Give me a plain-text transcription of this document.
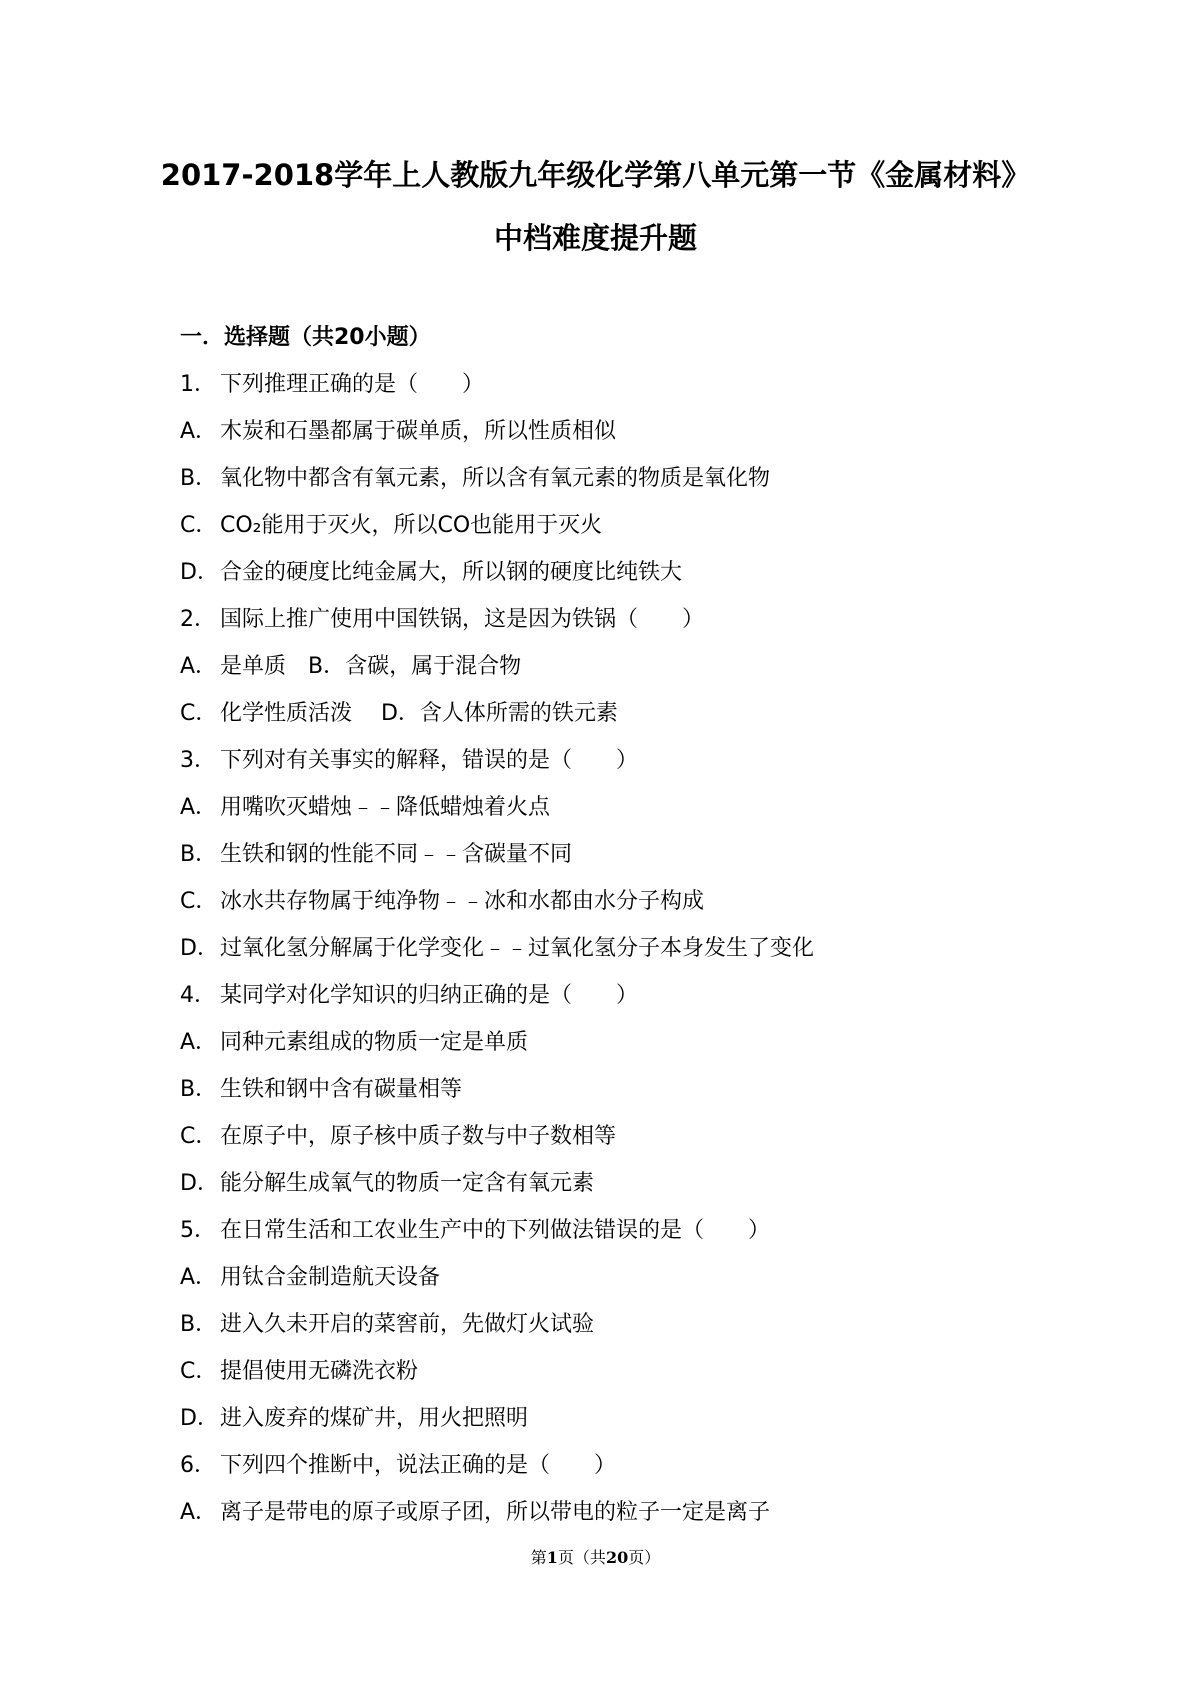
2017-2018学年上人教版九年级化学第八单元第一节《金属材料》
中档难度提升题
一．选择题（共20小题）
1． 下列推理正确的是（　　）
A． 木炭和石墨都属于碳单质，所以性质相似
B． 氧化物中都含有氧元素，所以含有氧元素的物质是氧化物
C． CO₂能用于灭火，所以CO也能用于灭火
D．合金的硬度比纯金属大，所以钢的硬度比纯铁大
2． 国际上推广使用中国铁锅，这是因为铁锅（　　）
A． 是单质　B．含碳，属于混合物
C． 化学性质活泼　 D．含人体所需的铁元素
3． 下列对有关事实的解释，错误的是（　　）
A． 用嘴吹灭蜡烛﹣﹣降低蜡烛着火点
B． 生铁和钢的性能不同﹣﹣含碳量不同
C． 冰水共存物属于纯净物﹣﹣冰和水都由水分子构成
D．过氧化氢分解属于化学变化﹣﹣过氧化氢分子本身发生了变化
4． 某同学对化学知识的归纳正确的是（　　）
A． 同种元素组成的物质一定是单质
B． 生铁和钢中含有碳量相等
C． 在原子中，原子核中质子数与中子数相等
D．能分解生成氧气的物质一定含有氧元素
5． 在日常生活和工农业生产中的下列做法错误的是（　　）
A． 用钛合金制造航天设备
B． 进入久未开启的菜窖前，先做灯火试验
C． 提倡使用无磷洗衣粉
D．进入废弃的煤矿井，用火把照明
6． 下列四个推断中，说法正确的是（　　）
A． 离子是带电的原子或原子团，所以带电的粒子一定是离子
第1页（共20页）
